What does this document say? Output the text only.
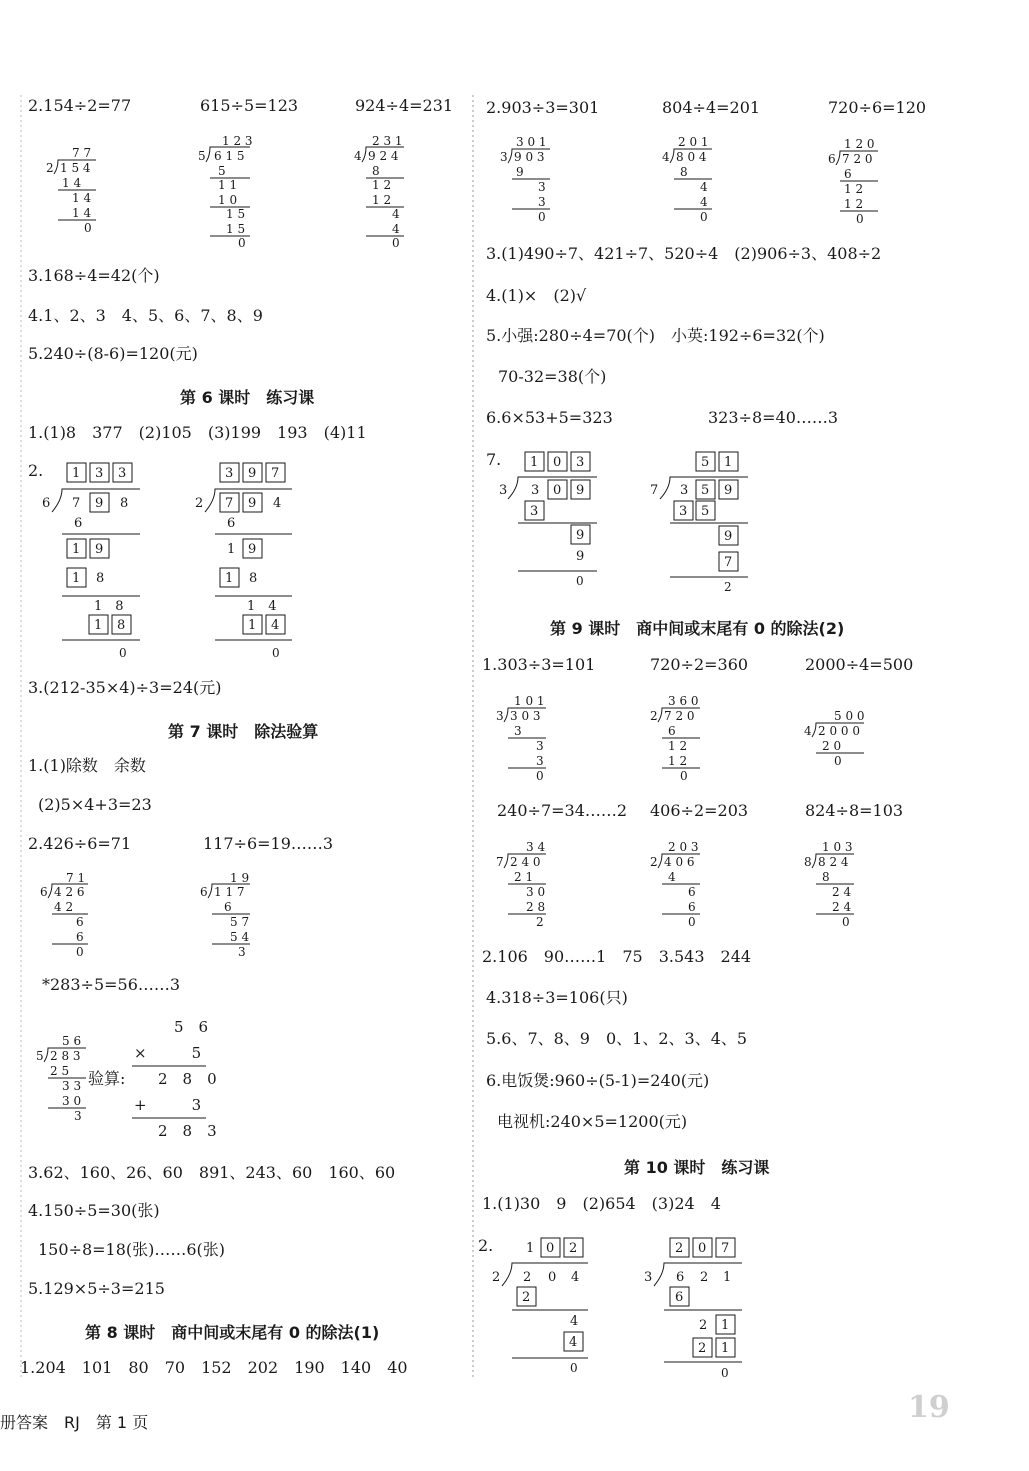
2.154÷2=77	615÷5=123	924÷4=231
3.168÷4=42(个)
4.1、2、3　4、5、6、7、8、9
5.240÷(8-6)=120(元)
第 6 课时　练习课
1.(1)8　377　(2)105　(3)199　193　(4)11
2.
3.(212-35×4)÷3=24(元)
第 7 课时　除法验算
1.(1)除数　余数
(2)5×4+3=23
2.426÷6=71	117÷6=19……3
*283÷5=56……3
验算:
3.62、160、26、60　891、243、60　160、60
4.150÷5=30(张)
150÷8=18(张)……6(张)
5.129×5÷3=215
第 8 课时　商中间或末尾有 0 的除法(1)
1.204　101　80　70　152　202　190　140　40
2.903÷3=301	804÷4=201	720÷6=120
3.(1)490÷7、421÷7、520÷4　(2)906÷3、408÷2
4.(1)×　(2)√
5.小强:280÷4=70(个)　小英:192÷6=32(个)
70-32=38(个)
6.6×53+5=323	323÷8=40……3
7.
第 9 课时　商中间或末尾有 0 的除法(2)
1.303÷3=101	720÷2=360	2000÷4=500
240÷7=34……2 406÷2=203	824÷8=103
2.106　90……1　75　3.543　244
4.318÷3=106(只)
5.6、7、8、9　0、1、2、3、4、5
6.电饭煲:960÷(5-1)=240(元)
电视机:240×5=1200(元)
第 10 课时　练习课
1.(1)30　9　(2)654　(3)24　4
2.
册答案　RJ　第 1 页	19
7 7
2 1 5 4
1 4
1 4
1 4
0
1 2 3
5 6 1 5
5
1 1
1 0
1 5
1 5
0
2 3 1
4 9 2 4
8
1 2
1 2
4
4
0
1 3 3
6 7 9 8
6
1 9
1 8
1　8
1 8
0
3 9 7
2 7 9 4
6
1 9
1 8
1　4
1 4
0
7 1
6 4 2 6
4 2
6
6
0
1 9
6 1 1 7
6
5 7
5 4
3
5 6
5 2 8 3
2 5
3 3
3 0
3
5　6
×　　　5
2　8　0
+　　　3
2　8　3
3 0 1
3 9 0 3
9
3
3
0
2 0 1
4 8 0 4
8
4
4
0
1 2 0
6 7 2 0
6
1 2
1 2
0
1 0 3
3 3 0 9
3
9
9
0
5 1
7 3 5 9
3 5
9
7
2
1 0 1
3 3 0 3
3
3
3
0
3 6 0
2 7 2 0
6
1 2
1 2
0
5 0 0
4 2 0 0 0
2 0
0
3 4
7 2 4 0
2 1
3 0
2 8
2
2 0 3
2 4 0 6
4
6
6
0
1 0 3
8 8 2 4
8
2 4
2 4
0
1 0 2
2 2 0 4
2
4
4
0
2 0 7
3 6 2 1
6
2 1
2 1
0
